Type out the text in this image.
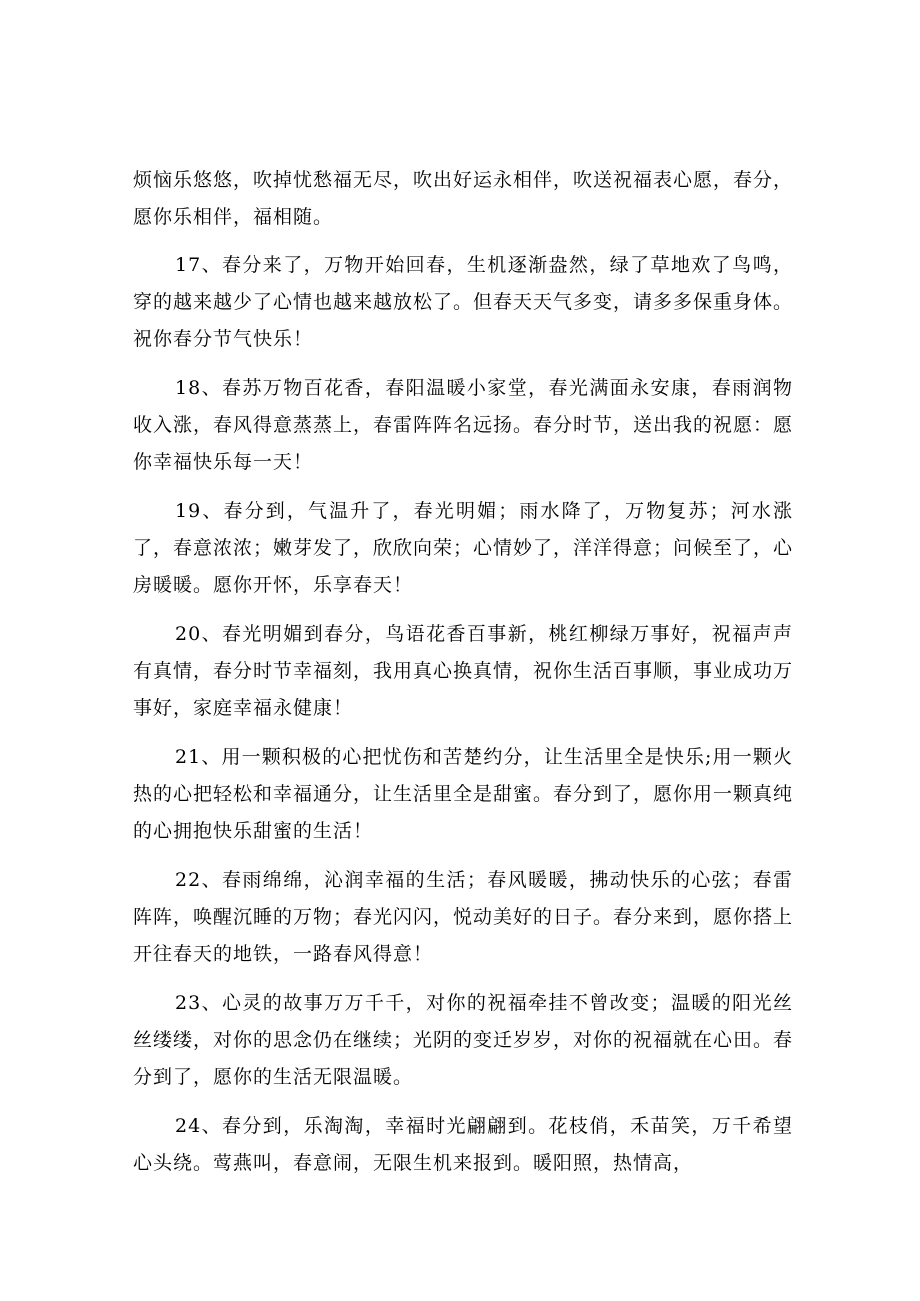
烦恼乐悠悠，吹掉忧愁福无尽，吹出好运永相伴，吹送祝福表心愿，春分，愿你乐相伴，福相随。

17、春分来了，万物开始回春，生机逐渐盎然，绿了草地欢了鸟鸣，穿的越来越少了心情也越来越放松了。但春天天气多变，请多多保重身体。祝你春分节气快乐！

18、春苏万物百花香，春阳温暖小家堂，春光满面永安康，春雨润物收入涨，春风得意蒸蒸上，春雷阵阵名远扬。春分时节，送出我的祝愿：愿你幸福快乐每一天！

19、春分到，气温升了，春光明媚；雨水降了，万物复苏；河水涨了，春意浓浓；嫩芽发了，欣欣向荣；心情妙了，洋洋得意；问候至了，心房暖暖。愿你开怀，乐享春天！

20、春光明媚到春分，鸟语花香百事新，桃红柳绿万事好，祝福声声有真情，春分时节幸福刻，我用真心换真情，祝你生活百事顺，事业成功万事好，家庭幸福永健康！

21、用一颗积极的心把忧伤和苦楚约分，让生活里全是快乐;用一颗火热的心把轻松和幸福通分，让生活里全是甜蜜。春分到了，愿你用一颗真纯的心拥抱快乐甜蜜的生活！

22、春雨绵绵，沁润幸福的生活；春风暖暖，拂动快乐的心弦；春雷阵阵，唤醒沉睡的万物；春光闪闪，悦动美好的日子。春分来到，愿你搭上开往春天的地铁，一路春风得意！

23、心灵的故事万万千千，对你的祝福牵挂不曾改变；温暖的阳光丝丝缕缕，对你的思念仍在继续；光阴的变迁岁岁，对你的祝福就在心田。春分到了，愿你的生活无限温暖。

24、春分到，乐淘淘，幸福时光翩翩到。花枝俏，禾苗笑，万千希望心头绕。莺燕叫，春意闹，无限生机来报到。暖阳照，热情高，
